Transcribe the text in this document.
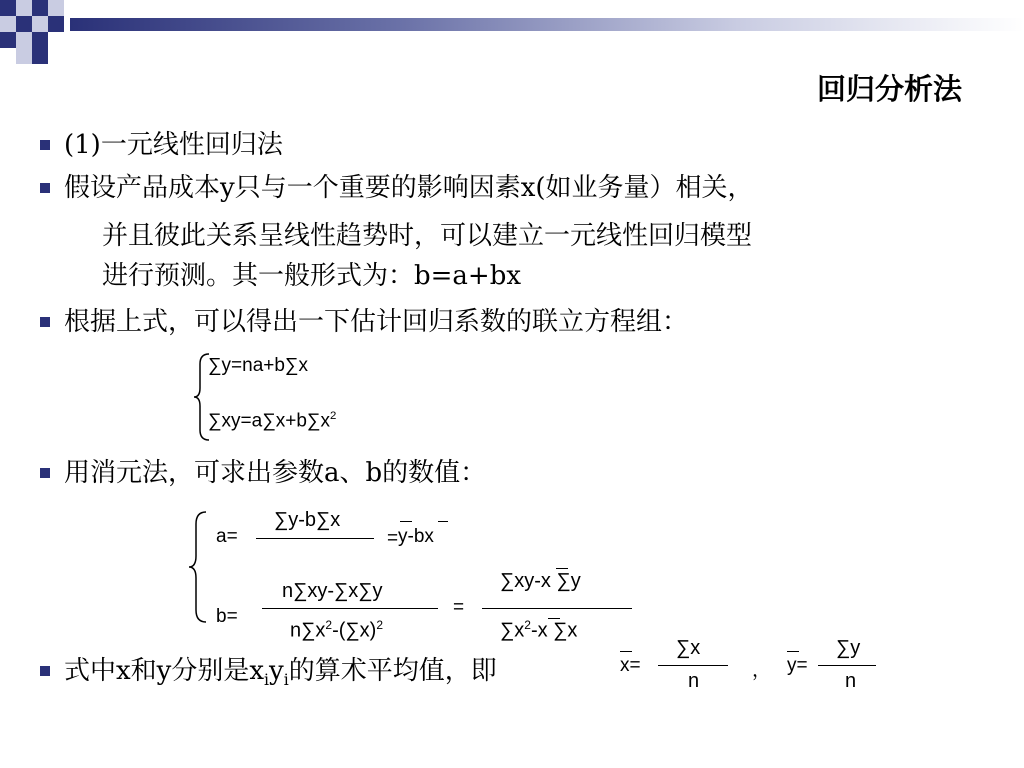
回归分析法
(1)一元线性回归法
假设产品成本y只与一个重要的影响因素x(如业务量）相关，
并且彼此关系呈线性趋势时，可以建立一元线性回归模型
进行预测。其一般形式为：b=a+bx
根据上式，可以得出一下估计回归系数的联立方程组：
∑y=na+b∑x
$\sum xy=a\sum x+b\sum x^2$
用消元法，可求出参数a、b的数值：
a=
∑y-b∑x
= y-bx
b=
n∑xy-∑x∑y
$n\sum x^2-(\sum x)^2$
=
∑xy-x ∑y
$\sum x^2-x$ ∑x
式中x和y分别是$x_iy_i$的算术平均值，即	x=
∑x
n	， y=
∑y
n
